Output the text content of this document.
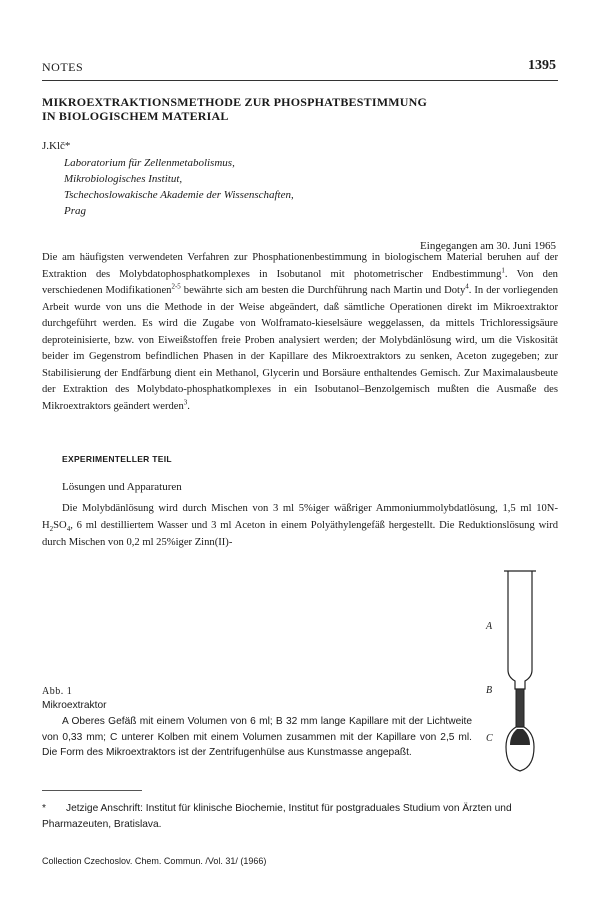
NOTES	1395
MIKROEXTRAKTIONSMETHODE ZUR PHOSPHATBESTIMMUNG
IN BIOLOGISCHEM MATERIAL
J.Klč*
Laboratorium für Zellenmetabolismus,
Mikrobiologisches Institut,
Tschechoslowakische Akademie der Wissenschaften,
Prag
Eingegangen am 30. Juni 1965
Die am häufigsten verwendeten Verfahren zur Phosphationenbestimmung in biologischem Material beruhen auf der Extraktion des Molybdatophosphatkomplexes in Isobutanol mit photometrischer Endbestimmung$^1$. Von den verschiedenen Modifikationen$^{2-5}$ bewährte sich am besten die Durchführung nach Martin und Doty$^4$. In der vorliegenden Arbeit wurde von uns die Methode in der Weise abgeändert, daß sämtliche Operationen direkt im Mikroextraktor durchgeführt werden. Es wird die Zugabe von Wolframato-kieselsäure weggelassen, da mittels Trichloressigsäure deproteinisierte, bzw. von Eiweißstoffen freie Proben analysiert werden; der Molybdänlösung wird, um die Viskosität beider im Gegenstrom befindlichen Phasen in der Kapillare des Mikroextraktors zu senken, Aceton zugegeben; zur Stabilisierung der Endfärbung dient ein Methanol, Glycerin und Borsäure enthaltendes Gemisch. Zur Maximalausbeute der Extraktion des Molybdato-phosphatkomplexes in ein Isobutanol–Benzolgemisch mußten die Ausmaße des Mikroextraktors geändert werden$^3$.
EXPERIMENTELLER TEIL
Lösungen und Apparaturen
Die Molybdänlösung wird durch Mischen von 3 ml 5%iger wäßriger Ammoniummolybdatlösung, 1,5 ml $10N-H_2SO_4$, 6 ml destilliertem Wasser und 3 ml Aceton in einem Polyäthylengefäß hergestellt. Die Reduktionslösung wird durch Mischen von 0,2 ml 25%iger Zinn(II)-
A
B
C
Abb. 1
Mikroextraktor
A Oberes Gefäß mit einem Volumen von 6 ml; B 32 mm lange Kapillare mit der Lichtweite von 0,33 mm; C unterer Kolben mit einem Volumen zusammen mit der Kapillare von 2,5 ml. Die Form des Mikroextraktors ist der Zentrifugenhülse aus Kunstmasse angepaßt.
* Jetzige Anschrift: Institut für klinische Biochemie, Institut für postgraduales Studium von Ärzten und Pharmazeuten, Bratislava.
Collection Czechoslov. Chem. Commun. /Vol. 31/ (1966)
